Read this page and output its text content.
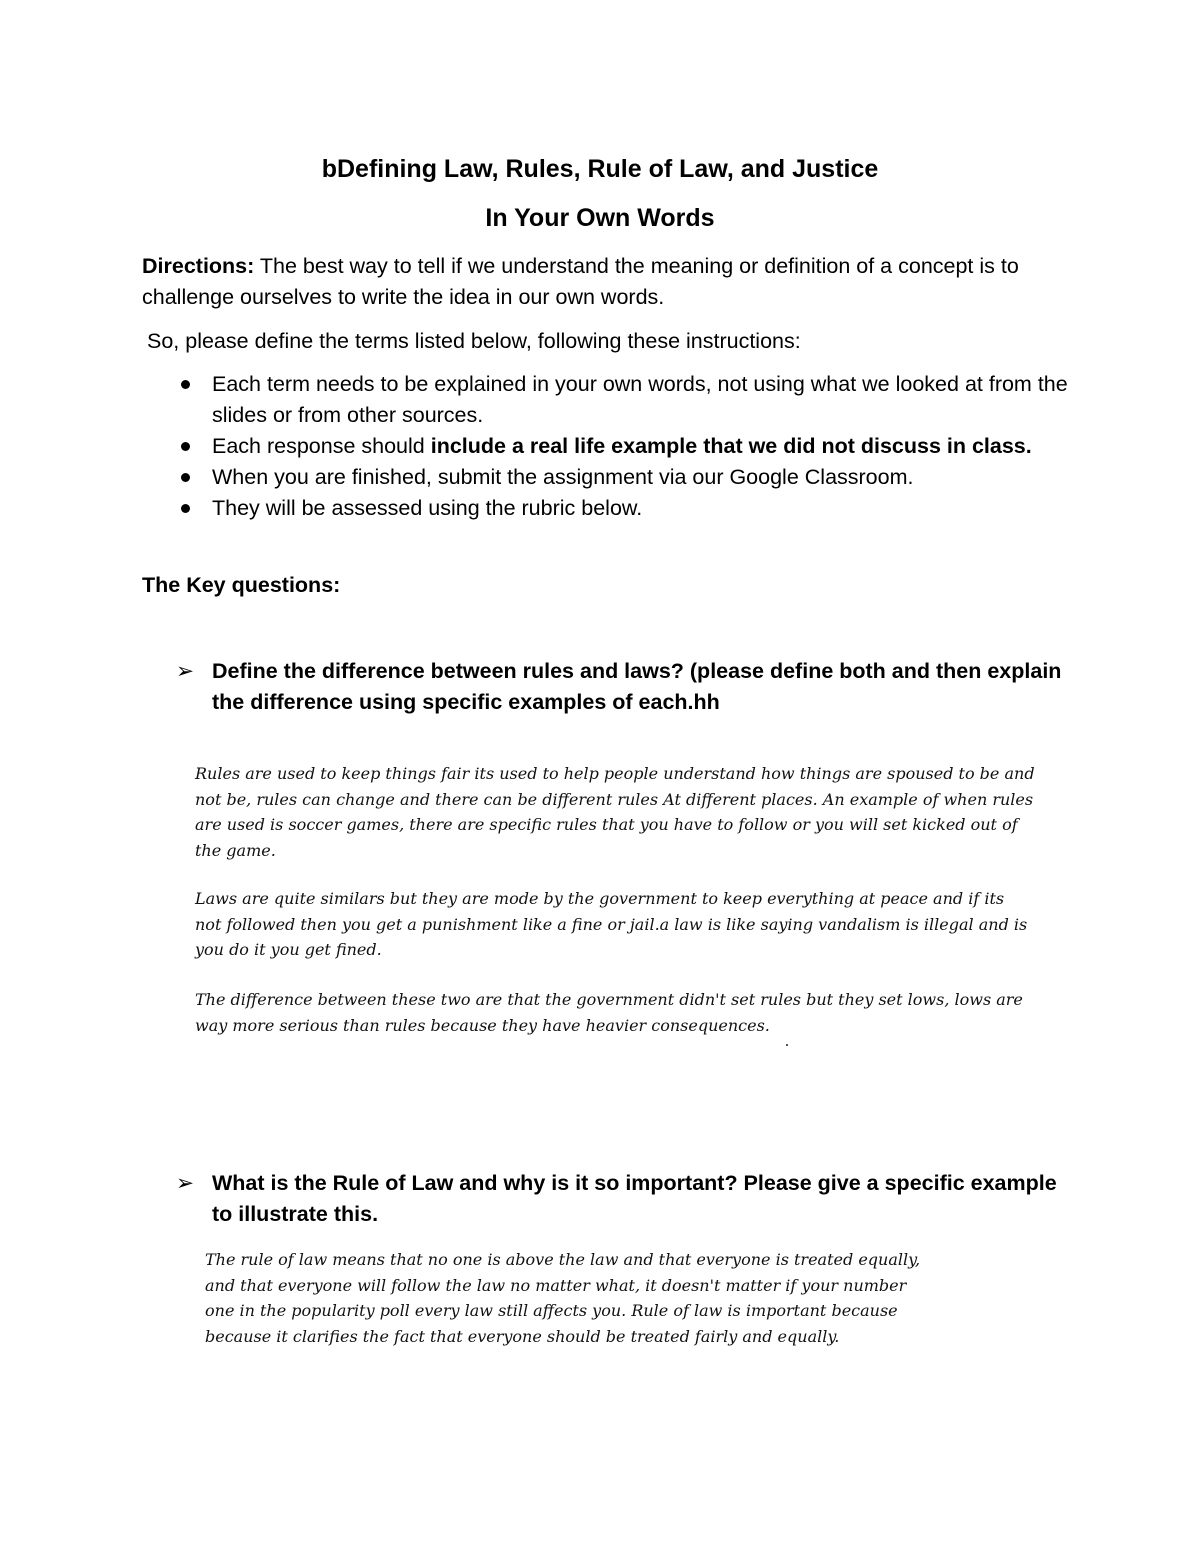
bDefining Law, Rules, Rule of Law, and Justice
In Your Own Words

Directions: The best way to tell if we understand the meaning or definition of a concept is to challenge ourselves to write the idea in our own words.

So, please define the terms listed below, following these instructions:

Each term needs to be explained in your own words, not using what we looked at from the slides or from other sources.
Each response should include a real life example that we did not discuss in class.
When you are finished, submit the assignment via our Google Classroom.
They will be assessed using the rubric below.

The Key questions:

➢ Define the difference between rules and laws? (please define both and then explain the difference using specific examples of each.hh

Rules are used to keep things fair its used to help people understand how things are spoused to be and not be, rules can change and there can be different rules At different places. An example of when rules are used is soccer games, there are specific rules that you have to follow or you will set kicked out of the game.

Laws are quite similars but they are mode by the government to keep everything at peace and if its not followed then you get a punishment like a fine or jail.a law is like saying vandalism is illegal and is you do it you get fined.

The difference between these two are that the government didn't set rules but they set lows, lows are way more serious than rules because they have heavier consequences.

➢ What is the Rule of Law and why is it so important? Please give a specific example to illustrate this.

The rule of law means that no one is above the law and that everyone is treated equally, and that everyone will follow the law no matter what, it doesn't matter if your number one in the popularity poll every law still affects you. Rule of law is important because because it clarifies the fact that everyone should be treated fairly and equally.
